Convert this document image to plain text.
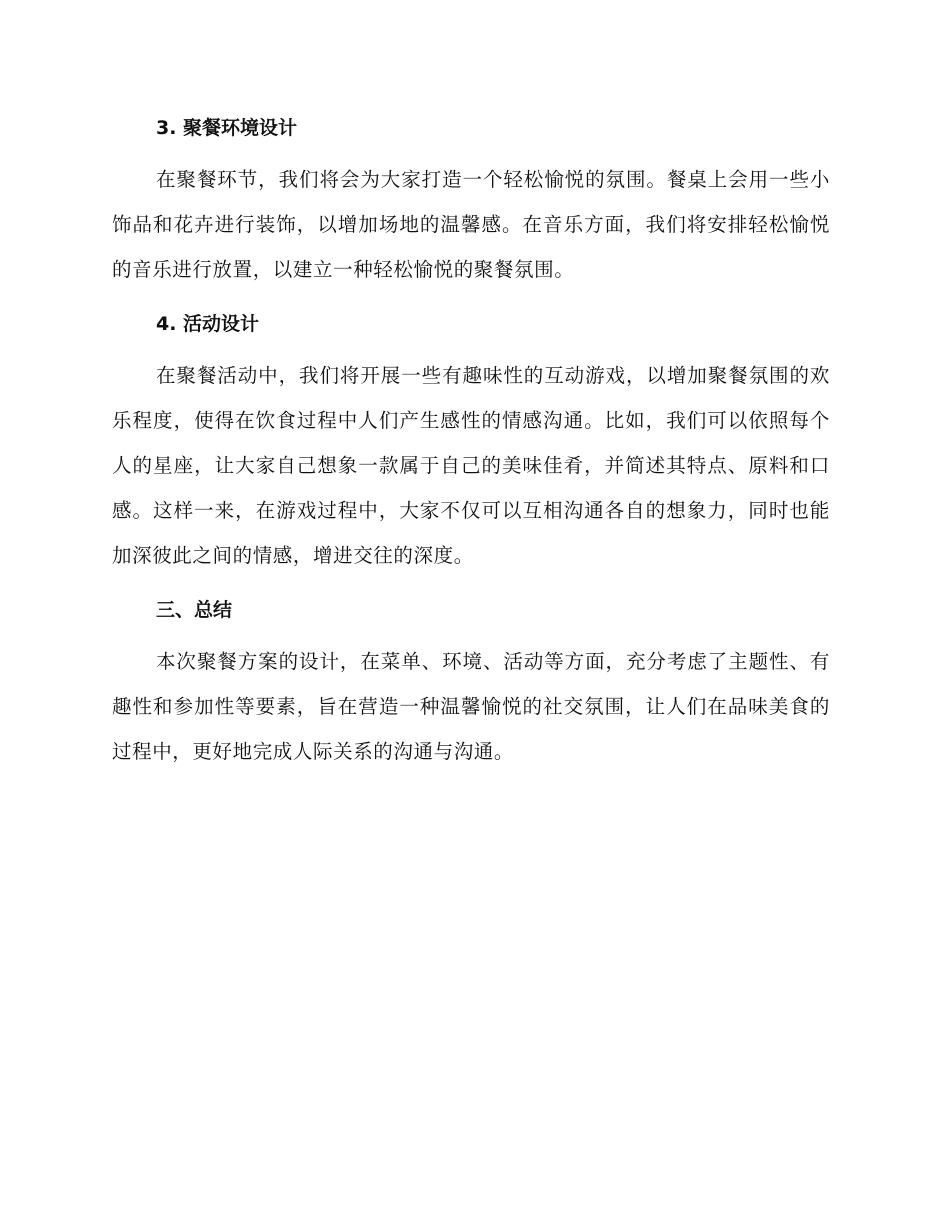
3. 聚餐环境设计

在聚餐环节，我们将会为大家打造一个轻松愉悦的氛围。餐桌上会用一些小饰品和花卉进行装饰，以增加场地的温馨感。在音乐方面，我们将安排轻松愉悦的音乐进行放置，以建立一种轻松愉悦的聚餐氛围。

4. 活动设计

在聚餐活动中，我们将开展一些有趣味性的互动游戏，以增加聚餐氛围的欢乐程度，使得在饮食过程中人们产生感性的情感沟通。比如，我们可以依照每个人的星座，让大家自己想象一款属于自己的美味佳肴，并简述其特点、原料和口感。这样一来，在游戏过程中，大家不仅可以互相沟通各自的想象力，同时也能加深彼此之间的情感，增进交往的深度。

三、总结

本次聚餐方案的设计，在菜单、环境、活动等方面，充分考虑了主题性、有趣性和参加性等要素，旨在营造一种温馨愉悦的社交氛围，让人们在品味美食的过程中，更好地完成人际关系的沟通与沟通。
